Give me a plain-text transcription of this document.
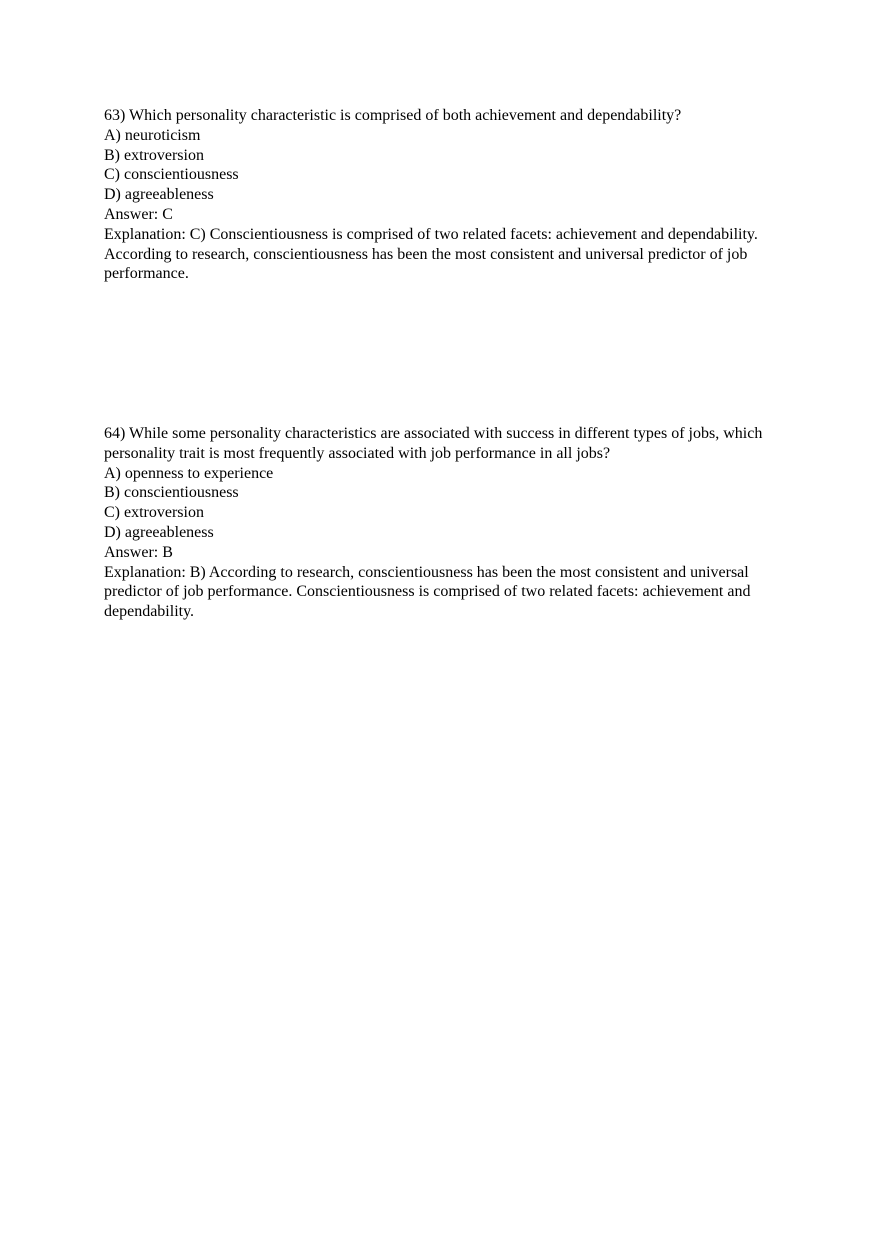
63) Which personality characteristic is comprised of both achievement and dependability?
A) neuroticism
B) extroversion
C) conscientiousness
D) agreeableness
Answer: C
Explanation: C) Conscientiousness is comprised of two related facets: achievement and dependability. According to research, conscientiousness has been the most consistent and universal predictor of job performance.
64) While some personality characteristics are associated with success in different types of jobs, which personality trait is most frequently associated with job performance in all jobs?
A) openness to experience
B) conscientiousness
C) extroversion
D) agreeableness
Answer: B
Explanation: B) According to research, conscientiousness has been the most consistent and universal predictor of job performance. Conscientiousness is comprised of two related facets: achievement and dependability.
